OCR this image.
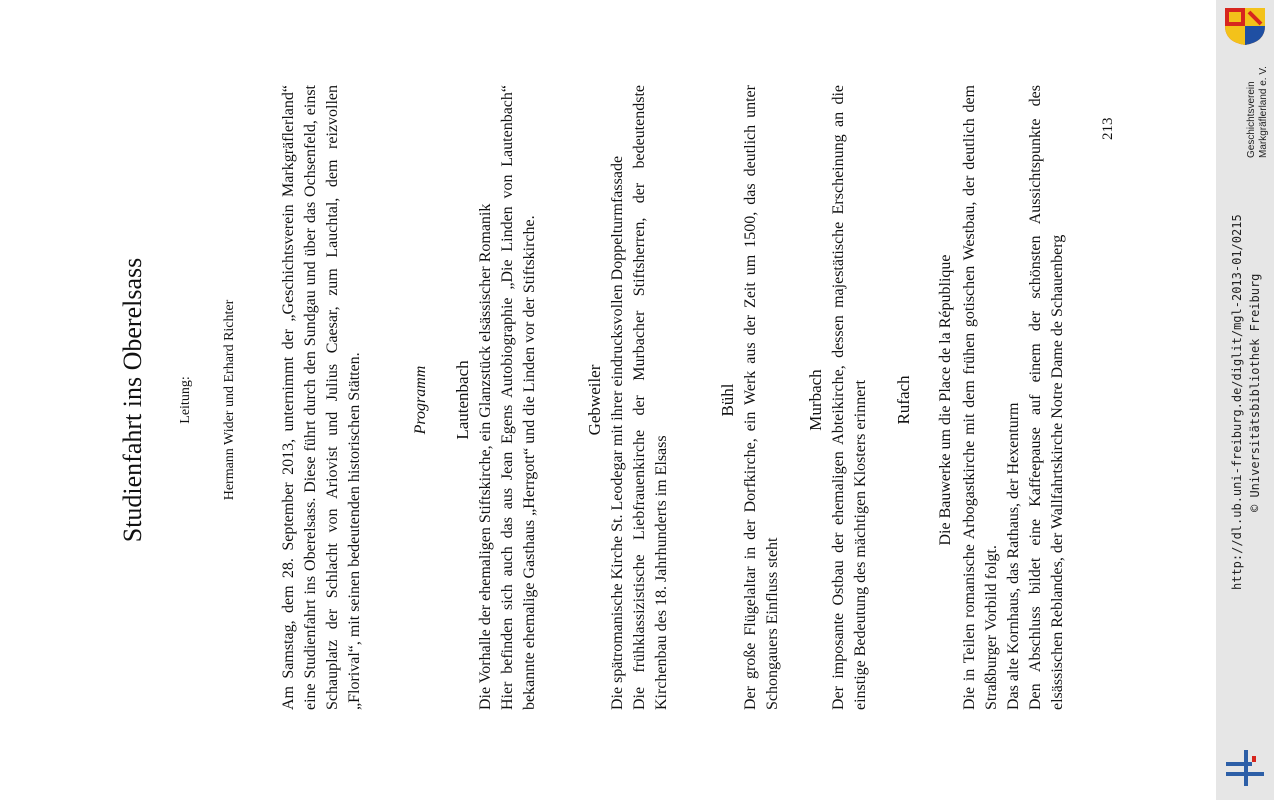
Studienfahrt ins Oberelsass Leitung: Hermann Wider und Erhard Richter	Am Samstag, dem 28. September 2013, unternimmt der „Geschichtsverein Markgräflerland“ eine Studienfahrt ins Oberelsass. Diese führt durch den Sundgau und über das Ochsenfeld, einst Schauplatz der Schlacht von Ariovist und Julius Caesar, zum Lauchtal, dem reizvollen „Florival“, mit seinen bedeutenden historischen Stätten.	Programm Lautenbach Die Vorhalle der ehemaligen Stiftskirche, ein Glanzstück elsässischer Romanik Hier befinden sich auch das aus Jean Egens Autobiographie „Die Linden von Lautenbach“ bekannte ehemalige Gasthaus „Herrgott“ und die Linden vor der Stiftskirche.	Gebweiler Die spätromanische Kirche St. Leodegar mit ihrer eindrucksvollen Doppelturmfassade Die frühklassizistische Liebfrauenkirche der Murbacher Stiftsherren, der bedeutendste Kirchenbau des 18. Jahrhunderts im Elsass

Bühl Der große Flügelaltar in der Dorfkirche, ein Werk aus der Zeit um 1500, das deutlich unter Schongauers Einfluss steht

Murbach Der imposante Ostbau der ehemaligen Abteikirche, dessen majestätische Erscheinung an die einstige Bedeutung des mächtigen Klosters erinnert Rufach Die Bauwerke um die Place de la République Die in Teilen romanische Arbogastkirche mit dem frühen gotischen Westbau, der deutlich dem Straßburger Vorbild folgt. Das alte Kornhaus, das Rathaus, der Hexenturm Den Abschluss bildet eine Kaffeepause auf einem der schönsten Aussichtspunkte des elsässischen Reblandes, der Wallfahrtskirche Notre Dame de Schauenberg

213	Geschichtsverein Markgräflerland e. V.
http://dl.ub.uni-freiburg.de/diglit/mgl-2013-01/0215 © Universitätsbibliothek Freiburg
